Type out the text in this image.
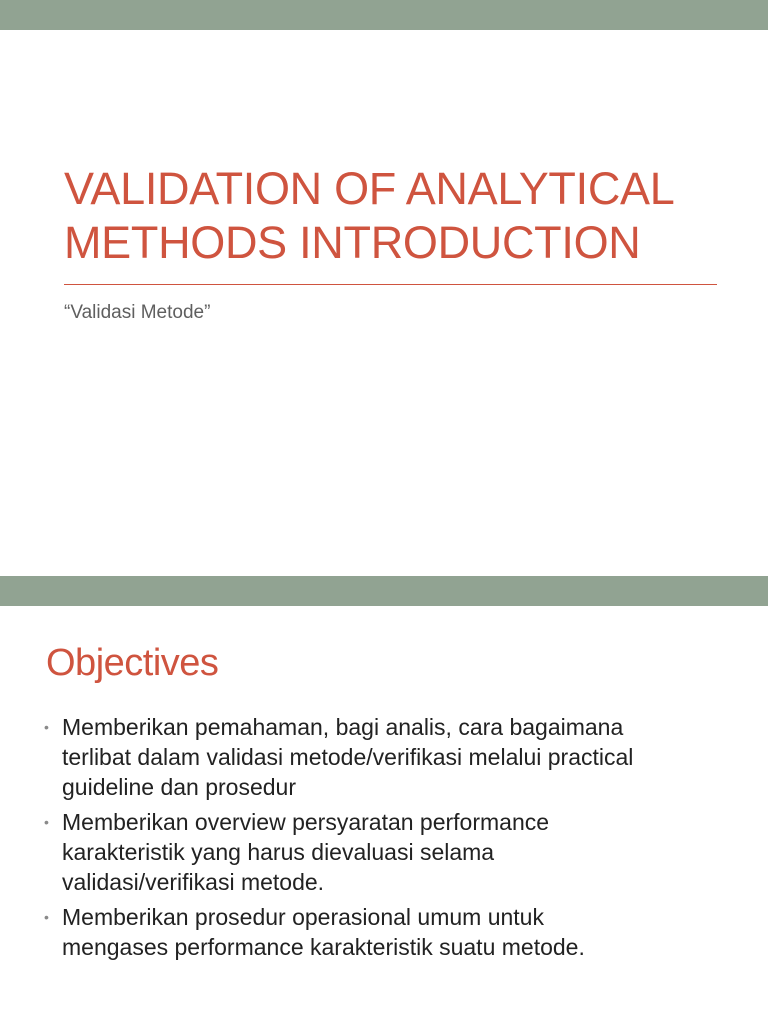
VALIDATION OF ANALYTICAL
METHODS INTRODUCTION

“Validasi Metode”

Objectives
• Memberikan pemahaman, bagi analis, cara bagaimana
terlibat dalam validasi metode/verifikasi melalui practical
guideline dan prosedur
• Memberikan overview persyaratan performance
karakteristik yang harus dievaluasi selama
validasi/verifikasi metode.
• Memberikan prosedur operasional umum untuk
mengases performance karakteristik suatu metode.
